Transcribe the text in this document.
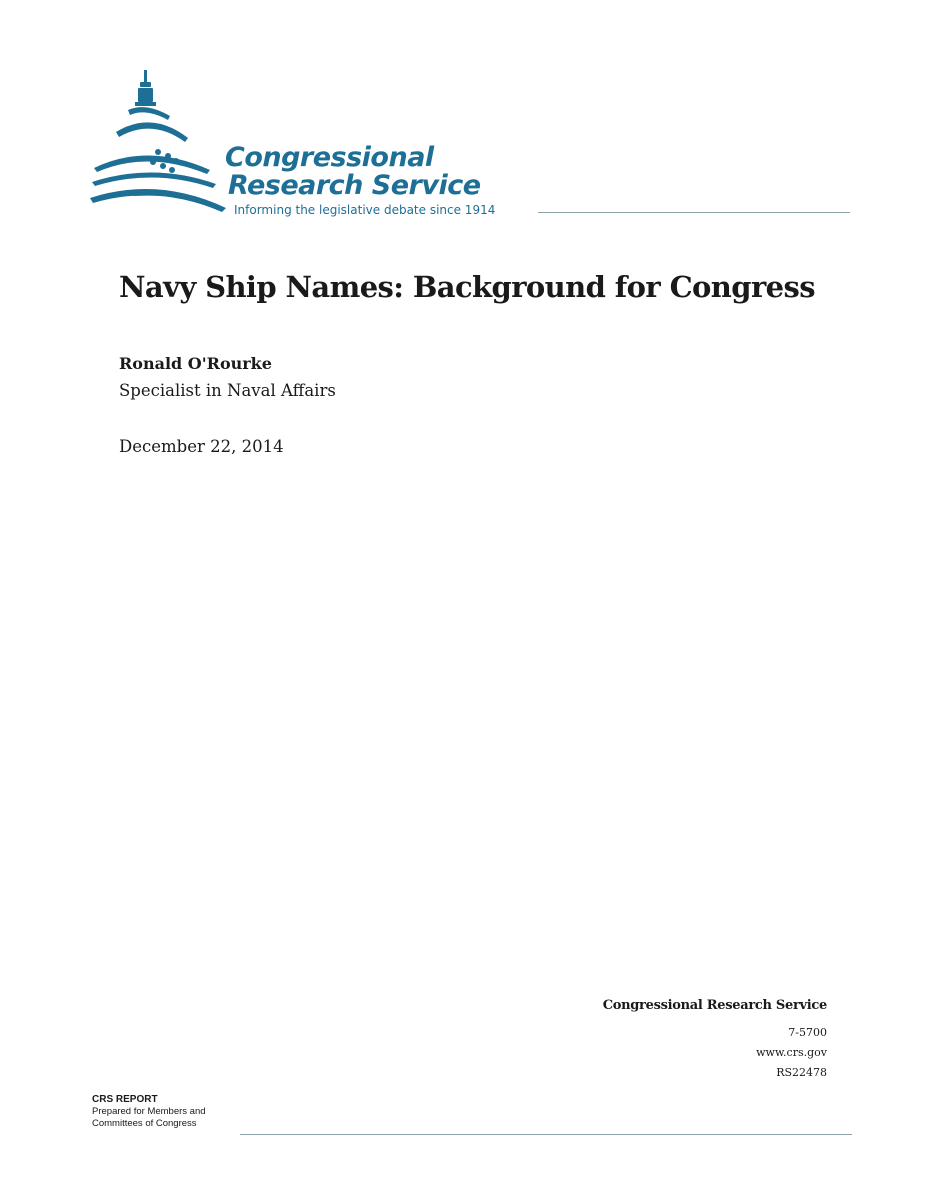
Congressional
Research Service
Informing the legislative debate since 1914
Navy Ship Names: Background for Congress
Ronald O'Rourke
Specialist in Naval Affairs
December 22, 2014
Congressional Research Service
7-5700
www.crs.gov
RS22478
CRS REPORT
Prepared for Members and
Committees of Congress
